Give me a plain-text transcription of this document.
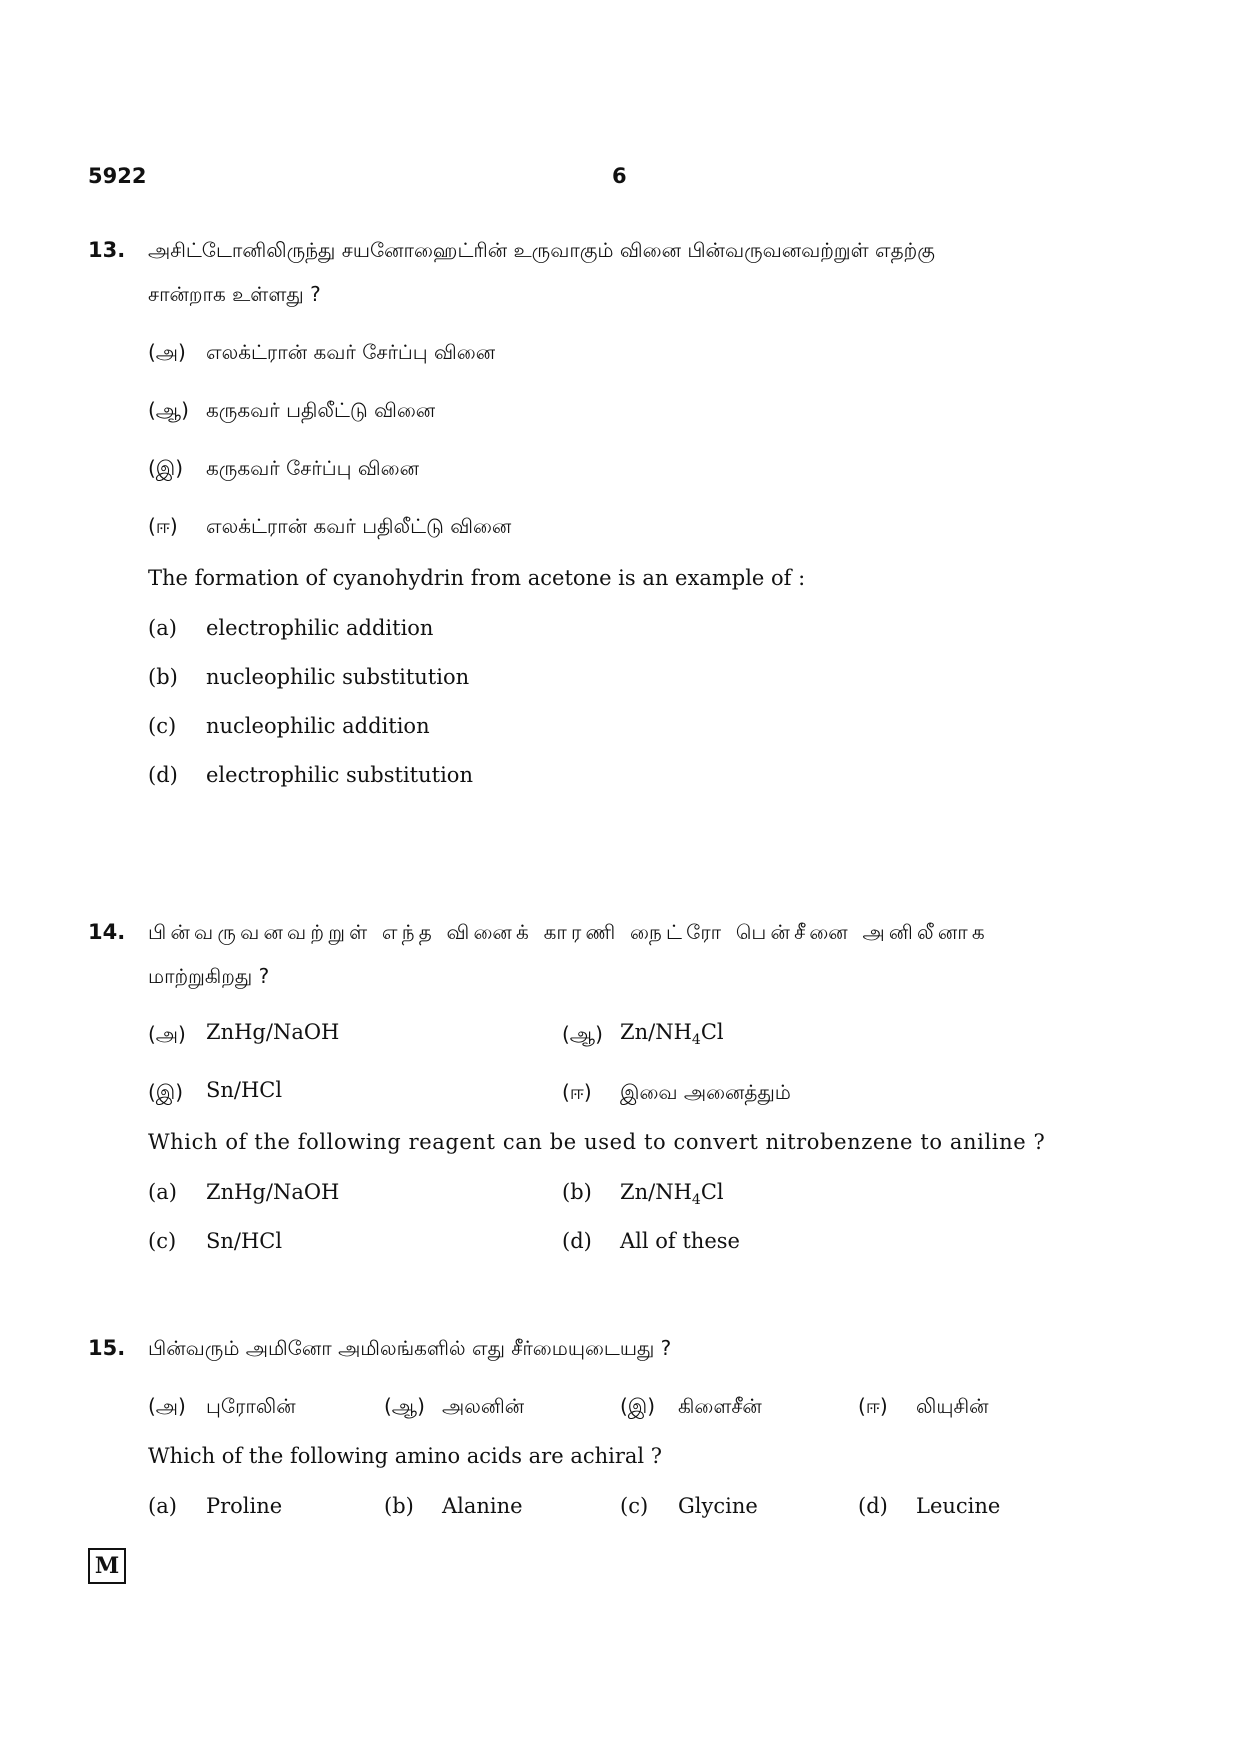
5922	6
13. அசிட்டோனிலிருந்து சயனோஹைட்ரின் உருவாகும் வினை பின்வருவனவற்றுள் எதற்கு
சான்றாக உள்ளது ?
(அ) எலக்ட்ரான் கவர் சேர்ப்பு வினை
(ஆ) கருகவர் பதிலீட்டு வினை
(இ) கருகவர் சேர்ப்பு வினை
(ஈ) எலக்ட்ரான் கவர் பதிலீட்டு வினை
The formation of cyanohydrin from acetone is an example of :
(a) electrophilic addition
(b) nucleophilic substitution
(c) nucleophilic addition
(d) electrophilic substitution
14. பின்வருவனவற்றுள் எந்த வினைக் காரணி நைட்ரோ பென்சீனை அனிலீனாக
மாற்றுகிறது ?
(அ) ZnHg/NaOH	(ஆ) $Zn/NH_4Cl$
(இ) Sn/HCl	(ஈ) இவை அனைத்தும்
Which of the following reagent can be used to convert nitrobenzene to aniline ?
(a) ZnHg/NaOH	(b) $Zn/NH_4Cl$
(c) Sn/HCl	(d) All of these
15. பின்வரும் அமினோ அமிலங்களில் எது சீர்மையுடையது ?
(அ) புரோலின்	(ஆ) அலனின்	(இ) கிளைசீன்	(ஈ) லியுசின்
Which of the following amino acids are achiral ?
(a) Proline	(b) Alanine	(c) Glycine	(d) Leucine
M
